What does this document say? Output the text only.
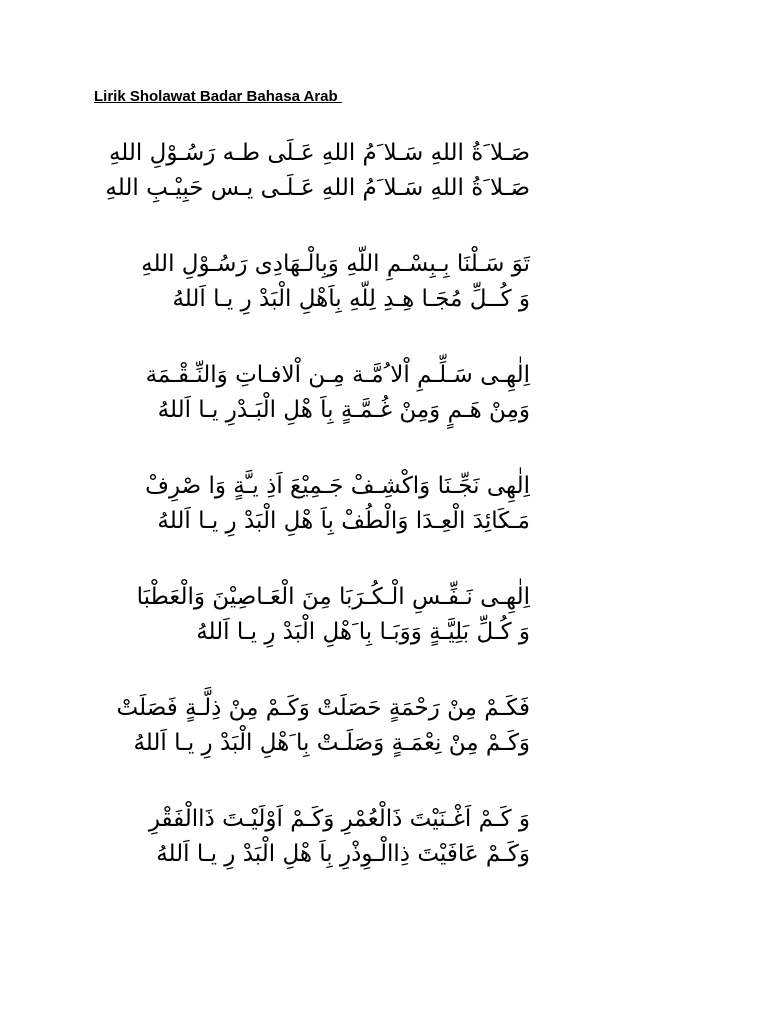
Lirik Sholawat Badar Bahasa Arab
صَـلا َةُ اللهِ سَـلا َمُ اللهِ عَـلَى طـه رَسُـوْلِ اللهِ
صَـلا َةُ اللهِ سَـلا َمُ اللهِ عَـلَـى يـس حَبِيْـبِ اللهِ
تَوَ سَـلْنَا بِـبِسْـمِ اللّهِ وَبِالْـهَادِى رَسُـوْلِ اللهِ
وَ كُــلِّ مُجَـا هِـدِ لِلّهِ بِاَهْلِ الْبَدْ رِ يـا اَللهُ
اِلٰهِـى سَـلِّـمِ اْلا ُمَّـة مِـن اْلافـاتِ وَالنِّـقْـمَة
وَمِنْ هَـمٍ وَمِنْ غُـمَّـةٍ بِاَ هْلِ الْبَـدْرِ يـا اَللهُ
اِلٰهِى نَجِّـنَا وَاكْشِـفْ جَـمِيْعَ اَذِ يـَّةٍ وَا صْرِفْ
مَـكَائِدَ الْعِـدَا وَالْطُفْ بِاَ هْلِ الْبَدْ رِ يـا اَللهُ
اِلٰهِـى نَـفِّـسِ الْـكُـرَبَا مِنَ الْعَـاصِيْنَ وَالْعَطْبَا
وَ كُـلِّ بَلِيَّـةٍ وَوَبَـا بِا َهْلِ الْبَدْ رِ يـا اَللهُ
فَكَـمْ مِنْ رَحْمَةٍ حَصَلَتْ وَكَـمْ مِنْ ذِلَّـةٍ فَصَلَتْ
وَكَـمْ مِنْ نِعْمَـةٍ وَصَلَـتْ بِا َهْلِ الْبَدْ رِ يـا اَللهُ
وَ كَـمْ اَغْـنَيْتَ ذَالْعُمْرِ وَكَـمْ اَوْلَيْـتَ ذَاالْفَقْرِ
وَكَـمْ عَافَيْتَ ذِاالْـوِذْرِ بِاَ هْلِ الْبَدْ رِ يـا اَللهُ
